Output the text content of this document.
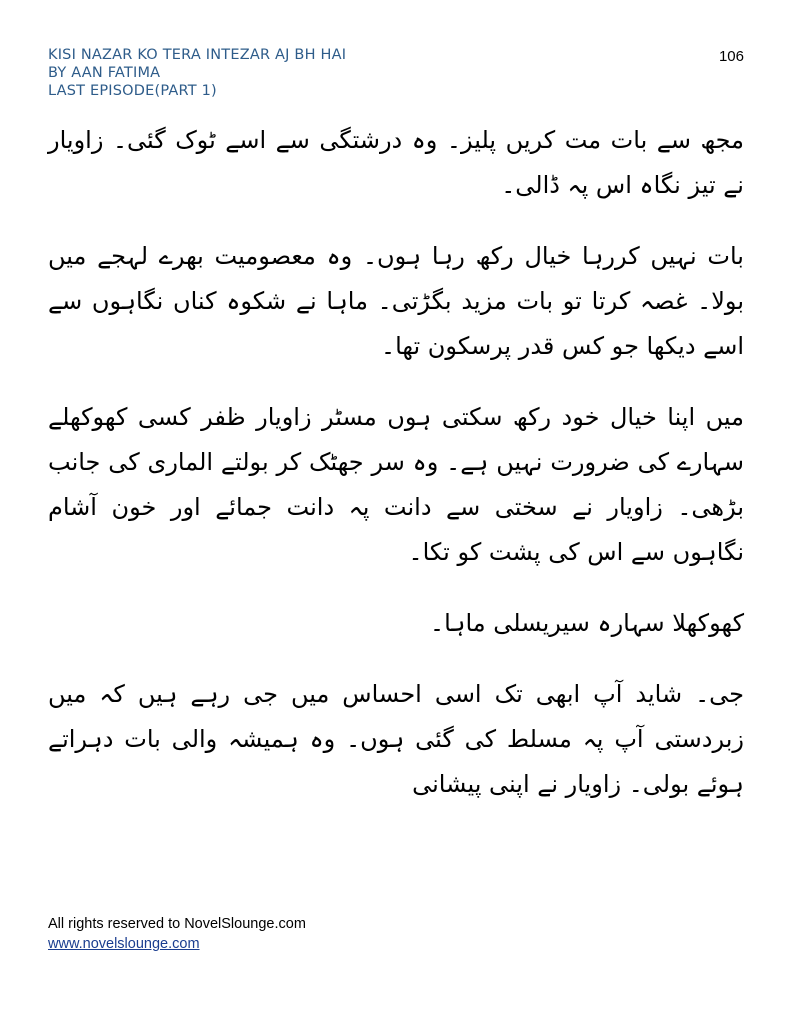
KISI NAZAR KO TERA INTEZAR AJ BH HAI
BY AAN FATIMA
LAST EPISODE(PART 1)
106

مجھ سے بات مت کریں پلیز۔ وہ درشتگی سے اسے ٹوک گئی۔ زاویار نے تیز نگاہ اس پہ ڈالی۔

بات نہیں کررہا خیال رکھ رہا ہوں۔ وہ معصومیت بھرے لہجے میں بولا۔ غصہ کرتا تو بات مزید بگڑتی۔ ماہا نے شکوہ کناں نگاہوں سے اسے دیکھا جو کس قدر پرسکون تھا۔

میں اپنا خیال خود رکھ سکتی ہوں مسٹر زاویار ظفر کسی کھوکھلے سہارے کی ضرورت نہیں ہے۔ وہ سر جھٹک کر بولتے الماری کی جانب بڑھی۔ زاویار نے سختی سے دانت پہ دانت جمائے اور خون آشام نگاہوں سے اس کی پشت کو تکا۔

کھوکھلا سہارہ سیریسلی ماہا۔

جی۔ شاید آپ ابھی تک اسی احساس میں جی رہے ہیں کہ میں زبردستی آپ پہ مسلط کی گئی ہوں۔ وہ ہمیشہ والی بات دہراتے ہوئے بولی۔ زاویار نے اپنی پیشانی

All rights reserved to NovelSlounge.com
www.novelslounge.com
